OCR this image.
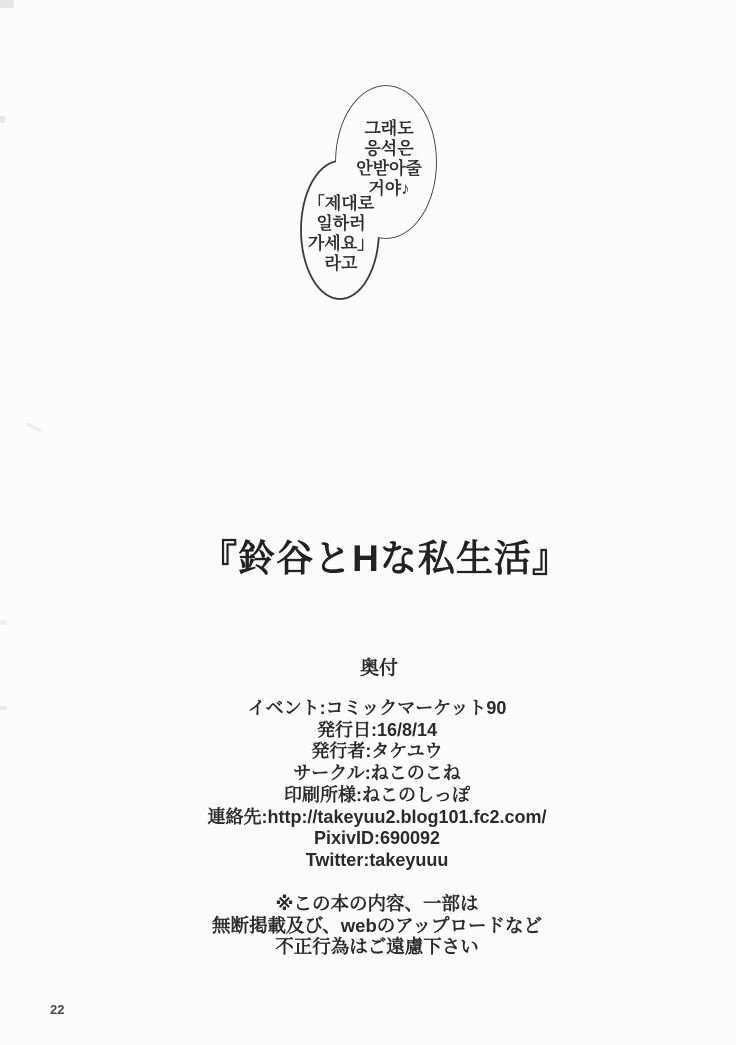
그래도
응석은
안받아줄
거야♪
「제대로
일하러
가세요」
라고
『鈴谷とHな私生活』
奥付
イベント:コミックマーケット90
発行日:16/8/14
発行者:タケユウ
サークル:ねこのこね
印刷所様:ねこのしっぽ
連絡先:http://takeyuu2.blog101.fc2.com/
PixivID:690092
Twitter:takeyuuu
※この本の内容、一部は
無断掲載及び、webのアップロードなど
不正行為はご遠慮下さい
22
